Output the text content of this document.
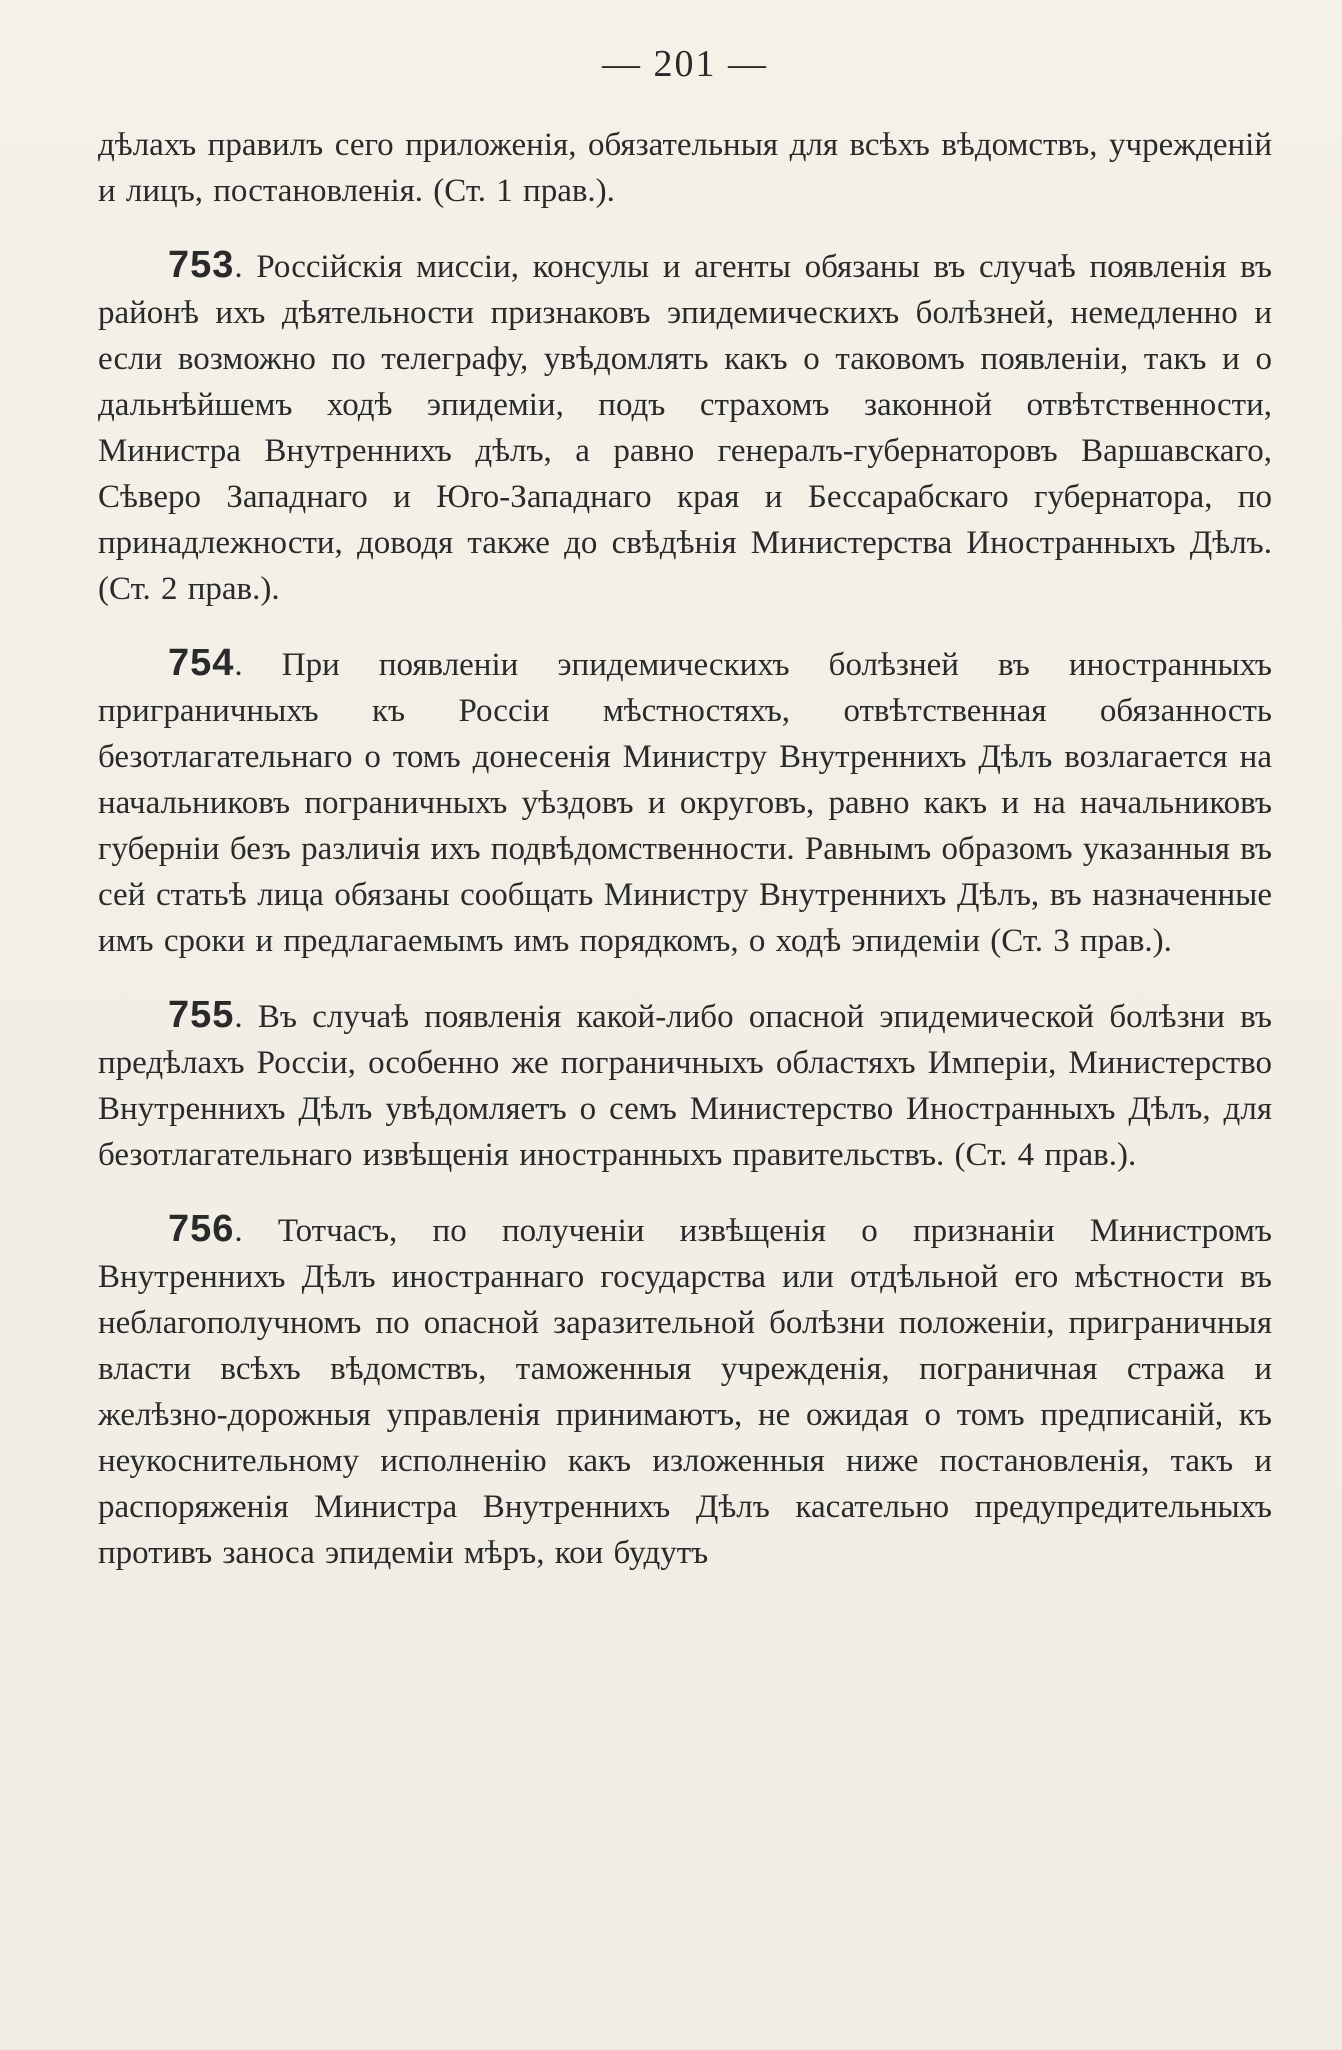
— 201 —

дѣлахъ правилъ сего приложенія, обязательныя для всѣхъ вѣдомствъ, учрежденій и лицъ, постановленія. (Ст. 1 прав.).

753. Россійскія миссіи, консулы и агенты обязаны въ случаѣ появленія въ районѣ ихъ дѣятельности признаковъ эпидемическихъ болѣзней, немедленно и если возможно по телеграфу, увѣдомлять какъ о таковомъ появленіи, такъ и о дальнѣйшемъ ходѣ эпидеміи, подъ страхомъ законной отвѣтственности, Министра Внутреннихъ дѣлъ, а равно генералъ-губернаторовъ Варшавскаго, Сѣверо Западнаго и Юго-Западнаго края и Бессарабскаго губернатора, по принадлежности, доводя также до свѣдѣнія Министерства Иностранныхъ Дѣлъ. (Ст. 2 прав.).

754. При появленіи эпидемическихъ болѣзней въ иностранныхъ приграничныхъ къ Россіи мѣстностяхъ, отвѣтственная обязанность безотлагательнаго о томъ донесенія Министру Внутреннихъ Дѣлъ возлагается на начальниковъ пограничныхъ уѣздовъ и округовъ, равно какъ и на начальниковъ губерніи безъ различія ихъ подвѣдомственности. Равнымъ образомъ указанныя въ сей статьѣ лица обязаны сообщать Министру Внутреннихъ Дѣлъ, въ назначенные имъ сроки и предлагаемымъ имъ порядкомъ, о ходѣ эпидеміи (Ст. 3 прав.).

755. Въ случаѣ появленія какой-либо опасной эпидемической болѣзни въ предѣлахъ Россіи, особенно же пограничныхъ областяхъ Имперіи, Министерство Внутреннихъ Дѣлъ увѣдомляетъ о семъ Министерство Иностранныхъ Дѣлъ, для безотлагательнаго извѣщенія иностранныхъ правительствъ. (Ст. 4 прав.).

756. Тотчасъ, по полученіи извѣщенія о признаніи Министромъ Внутреннихъ Дѣлъ иностраннаго государства или отдѣльной его мѣстности въ неблагополучномъ по опасной заразительной болѣзни положеніи, приграничныя власти всѣхъ вѣдомствъ, таможенныя учрежденія, пограничная стража и желѣзно-дорожныя управленія принимаютъ, не ожидая о томъ предписаній, къ неукоснительному исполненію какъ изложенныя ниже постановленія, такъ и распоряженія Министра Внутреннихъ Дѣлъ касательно предупредительныхъ противъ заноса эпидеміи мѣръ, кои будутъ
